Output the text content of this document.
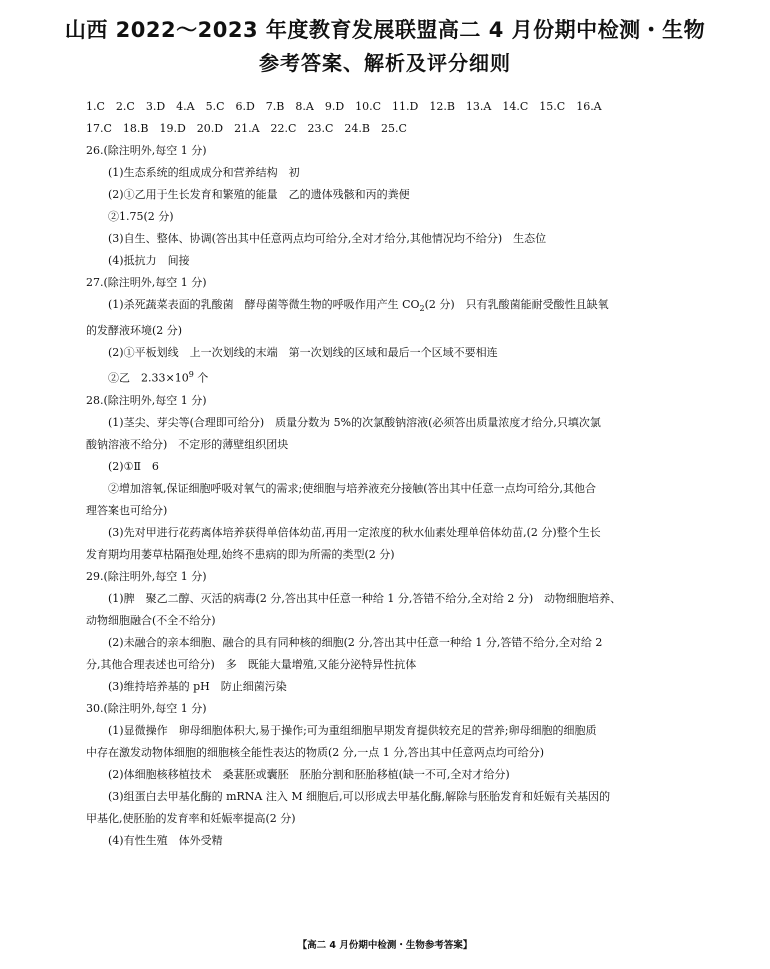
山西 2022～2023 年度教育发展联盟高二 4 月份期中检测・生物
参考答案、解析及评分细则
1.C　2.C　3.D　4.A　5.C　6.D　7.B　8.A　9.D　10.C　11.D　12.B　13.A　14.C　15.C　16.A
17.C　18.B　19.D　20.D　21.A　22.C　23.C　24.B　25.C
26.(除注明外,每空 1 分)
(1)生态系统的组成成分和营养结构　初
(2)①乙用于生长发育和繁殖的能量　乙的遗体残骸和丙的粪便
②1.75(2 分)
(3)自生、整体、协调(答出其中任意两点均可给分,全对才给分,其他情况均不给分)　生态位
(4)抵抗力　间接
27.(除注明外,每空 1 分)
(1)杀死蔬菜表面的乳酸菌　酵母菌等微生物的呼吸作用产生 $CO_2(2$ 分)　只有乳酸菌能耐受酸性且缺氧
的发酵液环境(2 分)
(2)①平板划线　上一次划线的末端　第一次划线的区域和最后一个区域不要相连
②乙　$2.33\times 10^9$ 个
28.(除注明外,每空 1 分)
(1)茎尖、芽尖等(合理即可给分)　质量分数为 5%的次氯酸钠溶液(必须答出质量浓度才给分,只填次氯
酸钠溶液不给分)　不定形的薄壁组织团块
(2)①Ⅱ　6
②增加溶氧,保证细胞呼吸对氧气的需求;使细胞与培养液充分接触(答出其中任意一点均可给分,其他合
理答案也可给分)
(3)先对甲进行花药离体培养获得单倍体幼苗,再用一定浓度的秋水仙素处理单倍体幼苗,(2 分)整个生长
发育期均用萎草枯隔孢处理,始终不患病的即为所需的类型(2 分)
29.(除注明外,每空 1 分)
(1)脾　聚乙二醇、灭活的病毒(2 分,答出其中任意一种给 1 分,答错不给分,全对给 2 分)　动物细胞培养、
动物细胞融合(不全不给分)
(2)未融合的亲本细胞、融合的具有同种核的细胞(2 分,答出其中任意一种给 1 分,答错不给分,全对给 2
分,其他合理表述也可给分)　多　既能大量增殖,又能分泌特异性抗体
(3)维持培养基的 pH　防止细菌污染
30.(除注明外,每空 1 分)
(1)显微操作　卵母细胞体积大,易于操作;可为重组细胞早期发育提供较充足的营养;卵母细胞的细胞质
中存在激发动物体细胞的细胞核全能性表达的物质(2 分,一点 1 分,答出其中任意两点均可给分)
(2)体细胞核移植技术　桑葚胚或囊胚　胚胎分割和胚胎移植(缺一不可,全对才给分)
(3)组蛋白去甲基化酶的 mRNA 注入 M 细胞后,可以形成去甲基化酶,解除与胚胎发育和妊娠有关基因的
甲基化,使胚胎的发育率和妊娠率提高(2 分)
(4)有性生殖　体外受精
【高二 4 月份期中检测・生物参考答案】
